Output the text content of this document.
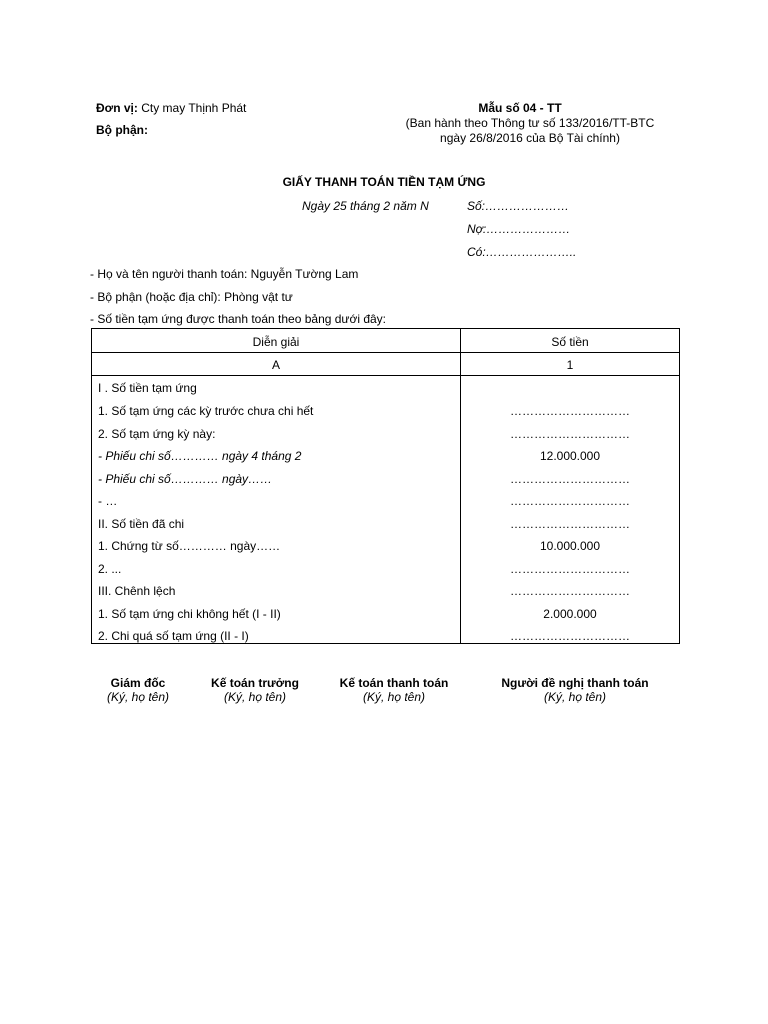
Đơn vị: Cty may Thịnh Phát
Bộ phận:
Mẫu số 04 - TT
(Ban hành theo Thông tư số 133/2016/TT-BTC
ngày 26/8/2016 của Bộ Tài chính)
GIẤY THANH TOÁN TIỀN TẠM ỨNG
Ngày 25 tháng 2 năm N	Số:…………………
Nợ:…………………
Có:…………………..
- Họ và tên người thanh toán: Nguyễn Tường Lam
- Bộ phận (hoặc địa chỉ): Phòng vật tư
- Số tiền tạm ứng được thanh toán theo bảng dưới đây:
Diễn giải	Số tiền
A	1
I . Số tiền tạm ứng
1. Số tạm ứng các kỳ trước chưa chi hết	…………………………
2. Số tạm ứng kỳ này:	…………………………
- Phiếu chi số………… ngày 4 tháng 2	12.000.000
- Phiếu chi số………… ngày……	…………………………
- …	…………………………
II. Số tiền đã chi	…………………………
1. Chứng từ số………… ngày……	10.000.000
2. ...	…………………………
III. Chênh lệch	…………………………
1. Số tạm ứng chi không hết (I - II)	2.000.000
2. Chi quá số tạm ứng (II - I)	…………………………
Giám đốc
(Ký, họ tên)
Kế toán trưởng
(Ký, họ tên)
Kế toán thanh toán
(Ký, họ tên)
Người đề nghị thanh toán
(Ký, họ tên)
